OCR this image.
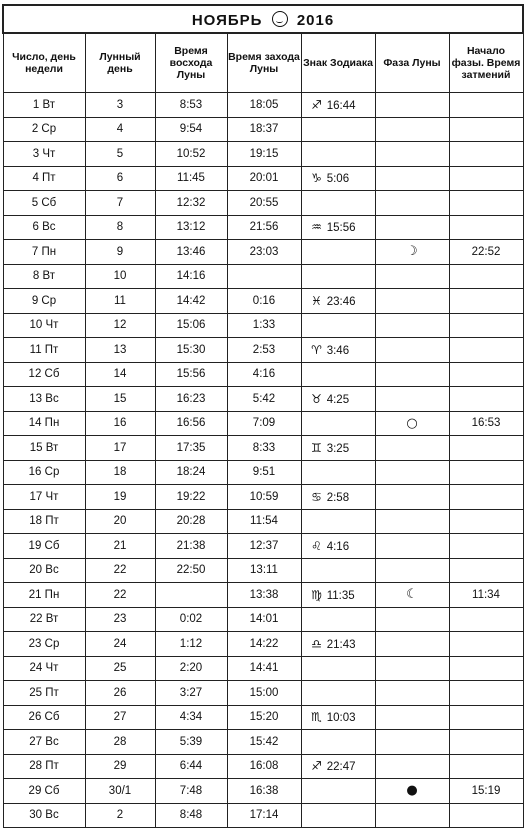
НОЯБРЬ 2016						
Число, день недели	Лунный день	Время восхода Луны	Время захода Луны	Знак Зодиака	Фаза Луны	Начало фазы. Время затмений
1 Вт	3	8:53	18:05	♐ 16:44		
2 Ср	4	9:54	18:37			
3 Чт	5	10:52	19:15			
4 Пт	6	11:45	20:01	♑ 5:06		
5 Сб	7	12:32	20:55			
6 Вс	8	13:12	21:56	♒ 15:56		
7 Пн	9	13:46	23:03		☽	22:52
8 Вт	10	14:16				
9 Ср	11	14:42	0:16	♓ 23:46		
10 Чт	12	15:06	1:33			
11 Пт	13	15:30	2:53	♈ 3:46		
12 Сб	14	15:56	4:16			
13 Вс	15	16:23	5:42	♉ 4:25		
14 Пн	16	16:56	7:09		○	16:53
15 Вт	17	17:35	8:33	♊ 3:25		
16 Ср	18	18:24	9:51			
17 Чт	19	19:22	10:59	♋ 2:58		
18 Пт	20	20:28	11:54			
19 Сб	21	21:38	12:37	♌ 4:16		
20 Вс	22	22:50	13:11			
21 Пн	22		13:38	♍ 11:35	☾	11:34
22 Вт	23	0:02	14:01			
23 Ср	24	1:12	14:22	♎ 21:43		
24 Чт	25	2:20	14:41			
25 Пт	26	3:27	15:00			
26 Сб	27	4:34	15:20	♏ 10:03		
27 Вс	28	5:39	15:42			
28 Пт	29	6:44	16:08	♐ 22:47		
29 Сб	30/1	7:48	16:38		●	15:19
30 Вс	2	8:48	17:14			
